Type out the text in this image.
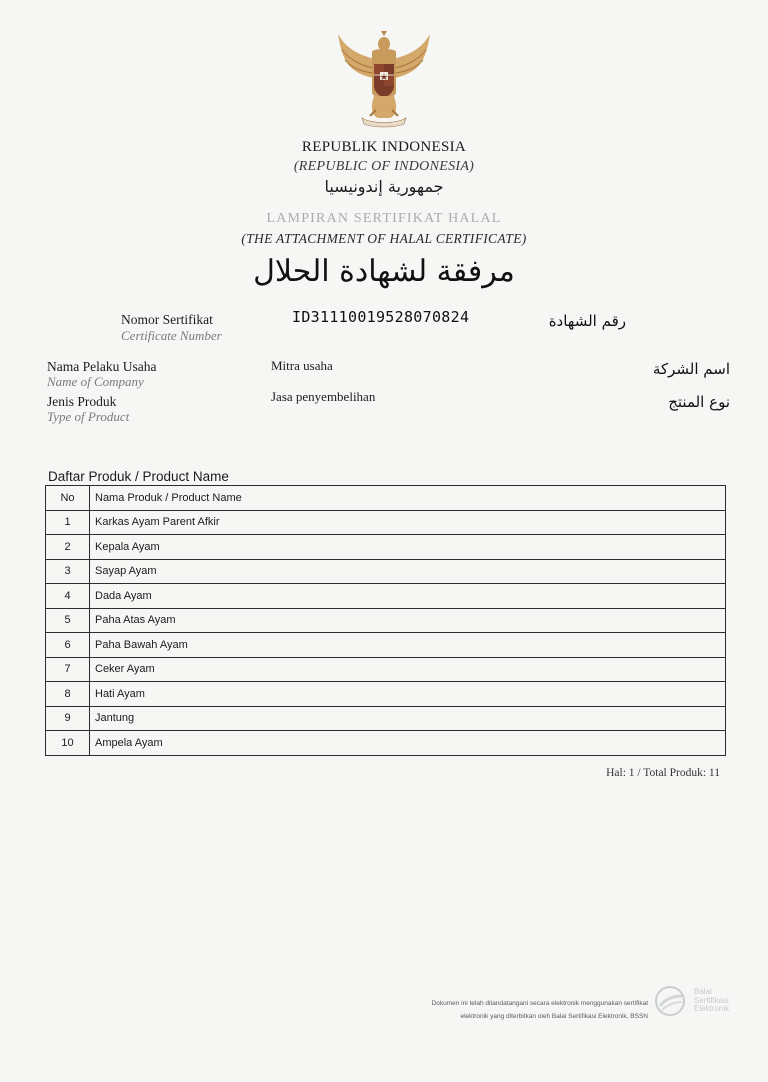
REPUBLIK INDONESIA
(REPUBLIC OF INDONESIA)
جمهورية إندونيسيا
LAMPIRAN SERTIFIKAT HALAL
(THE ATTACHMENT OF HALAL CERTIFICATE)
مرفقة لشهادة الحلال
Nomor Sertifikat
Certificate Number
ID31110019528070824	رقم الشهادة
Nama Pelaku Usaha
Name of Company
Mitra usaha	اسم الشركة
Jenis Produk
Type of Product
Jasa penyembelihan	نوع المنتج
Daftar Produk / Product Name
No	Nama Produk / Product Name
1	Karkas Ayam Parent Afkir
2	Kepala Ayam
3	Sayap Ayam
4	Dada Ayam
5	Paha Atas Ayam
6	Paha Bawah Ayam
7	Ceker Ayam
8	Hati Ayam
9	Jantung
10	Ampela Ayam
Hal: 1 / Total Produk: 11
Dokumen ini telah ditandatangani secara elektronik menggunakan sertifikat
elektronik yang diterbitkan oleh Balai Sertifikasi Elektronik, BSSN
Balai
Sertifikasi
Elektronik
